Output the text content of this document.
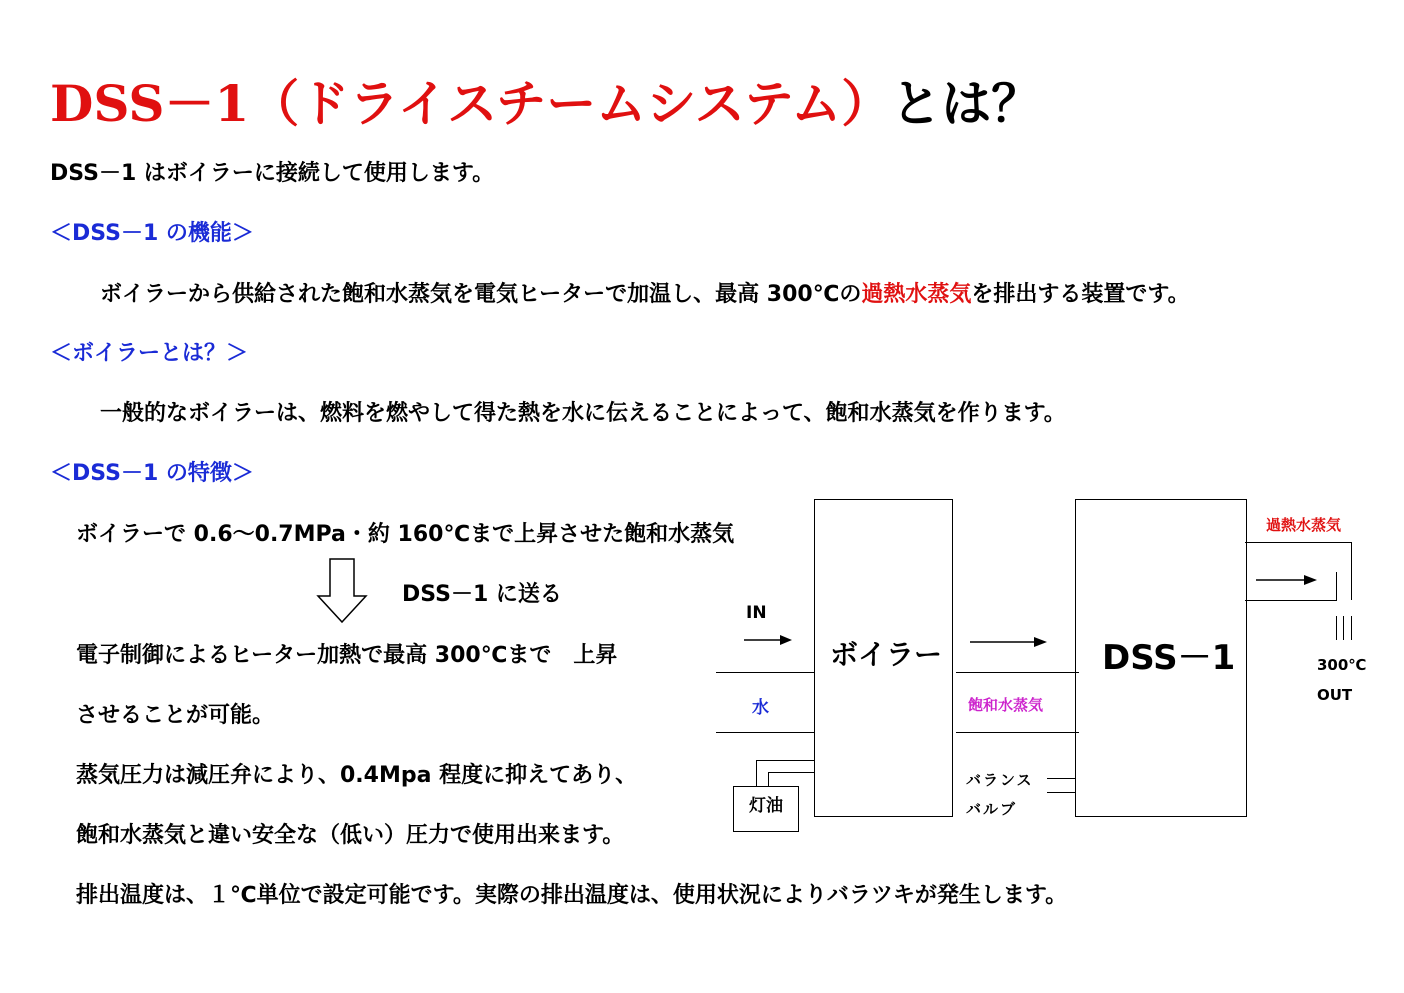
DSS－1（ドライスチームシステム）とは？
DSS－1 はボイラーに接続して使用します。
＜DSS－1 の機能＞
ボイラーから供給された飽和水蒸気を電気ヒーターで加温し、最高 300℃の過熱水蒸気を排出する装置です。
＜ボイラーとは？＞
一般的なボイラーは、燃料を燃やして得た熱を水に伝えることによって、飽和水蒸気を作ります。
＜DSS－1 の特徴＞
ボイラーで 0.6～0.7MPa・約 160℃まで上昇させた飽和水蒸気
DSS－1 に送る
電子制御によるヒーター加熱で最高 300℃まで　上昇
させることが可能。
蒸気圧力は減圧弁により、0.4Mpa 程度に抑えてあり、
飽和水蒸気と違い安全な（低い）圧力で使用出来ます。
排出温度は、１℃単位で設定可能です。実際の排出温度は、使用状況によりバラツキが発生します。
ボイラー	DSS－1
IN
水
灯油
飽和水蒸気
バランス
バルブ
過熱水蒸気
300℃
OUT
